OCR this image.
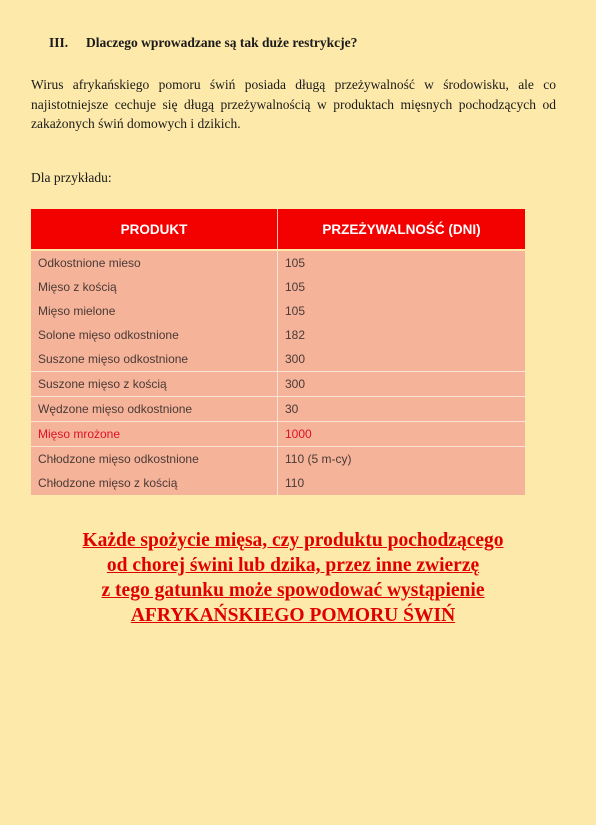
III. Dlaczego wprowadzane są tak duże restrykcje?

Wirus afrykańskiego pomoru świń posiada długą przeżywalność w środowisku, ale co najistotniejsze cechuje się długą przeżywalnością w produktach mięsnych pochodzących od zakażonych świń domowych i dzikich.

Dla przykładu:
PRODUKT	PRZEŻYWALNOŚĆ (DNI)

Odkostnione mieso	105
Mięso z kością	105
Mięso mielone	105
Solone mięso odkostnione	182
Suszone mięso odkostnione	300
Suszone mięso z kością	300
Wędzone mięso odkostnione	30
Mięso mrożone	1000
Chłodzone mięso odkostnione	110 (5 m-cy)
Chłodzone mięso z kością	110
Każde spożycie mięsa, czy produktu pochodzącego
od chorej świni lub dzika, przez inne zwierzę
z tego gatunku może spowodować wystąpienie
AFRYKAŃSKIEGO POMORU ŚWIŃ
